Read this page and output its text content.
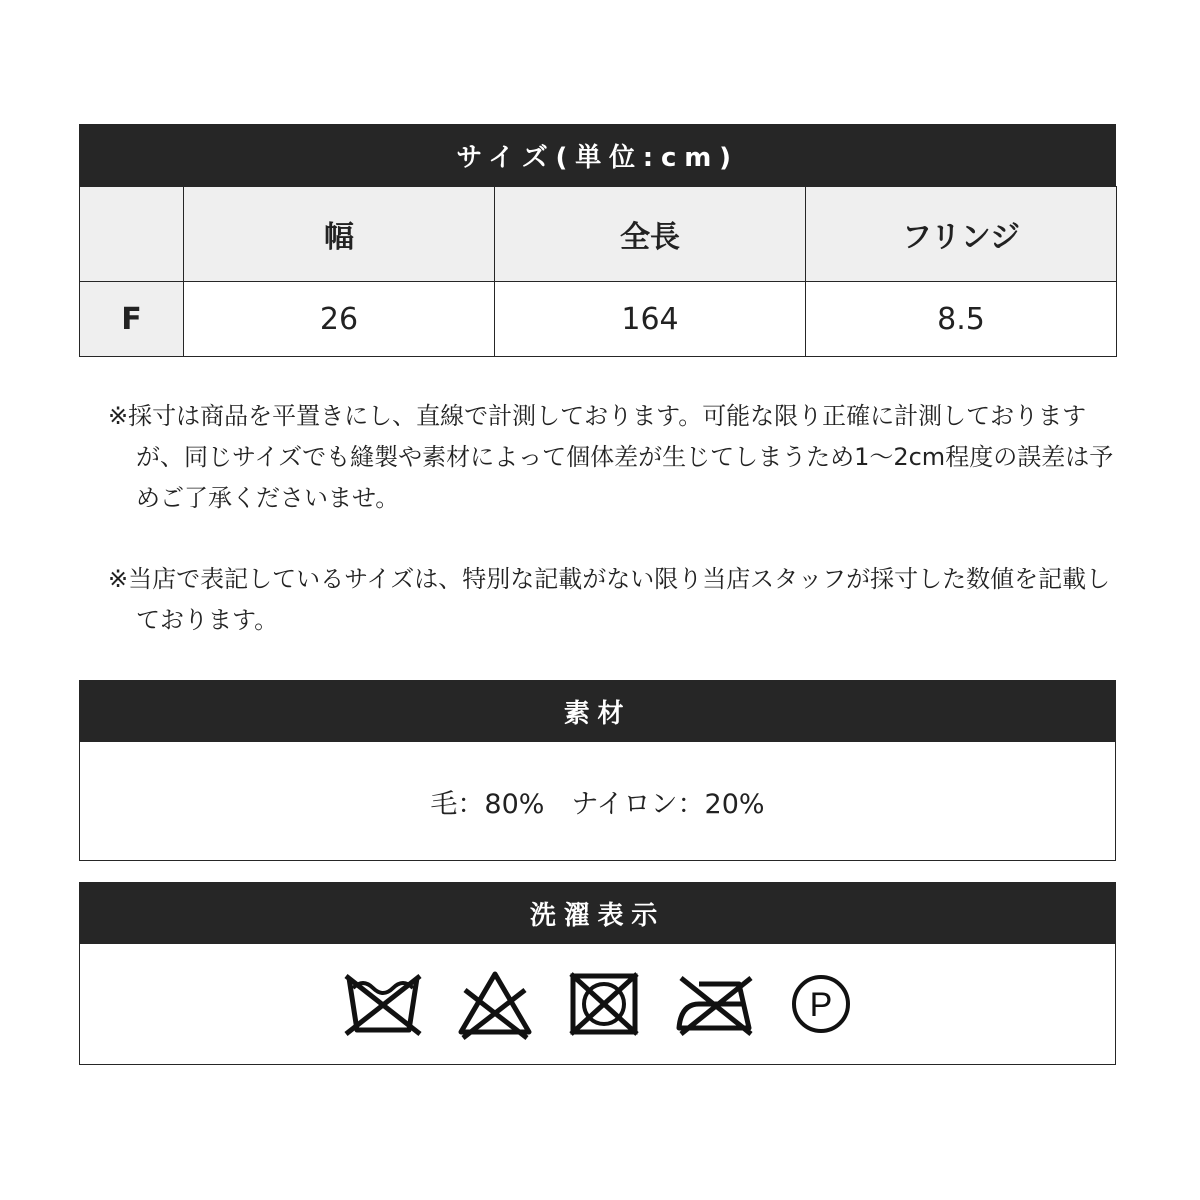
サイズ(単位:cm)
	幅	全長	フリンジ
F	26	164	8.5

※採寸は商品を平置きにし、直線で計測しております。可能な限り正確に計測しておりますが、同じサイズでも縫製や素材によって個体差が生じてしまうため1～2cm程度の誤差は予めご了承くださいませ。

※当店で表記しているサイズは、特別な記載がない限り当店スタッフが採寸した数値を記載しております。

素材
毛：80%　ナイロン：20%
洗濯表示
P
